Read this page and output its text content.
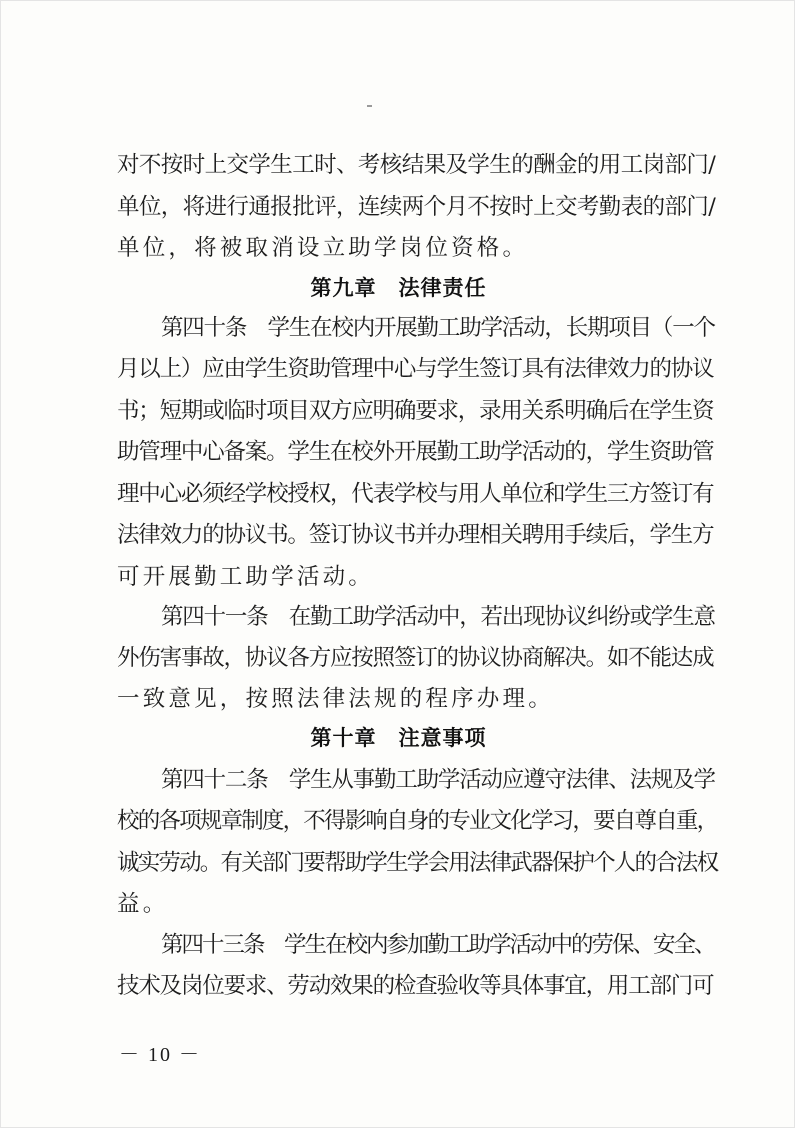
对不按时上交学生工时、考核结果及学生的酬金的用工岗部门/
单位，将进行通报批评，连续两个月不按时上交考勤表的部门/
单位，将被取消设立助学岗位资格。
第九章　法律责任
第四十条　学生在校内开展勤工助学活动，长期项目（一个
月以上）应由学生资助管理中心与学生签订具有法律效力的协议
书；短期或临时项目双方应明确要求，录用关系明确后在学生资
助管理中心备案。学生在校外开展勤工助学活动的，学生资助管
理中心必须经学校授权，代表学校与用人单位和学生三方签订有
法律效力的协议书。签订协议书并办理相关聘用手续后，学生方
可开展勤工助学活动。
第四十一条　在勤工助学活动中，若出现协议纠纷或学生意
外伤害事故，协议各方应按照签订的协议协商解决。如不能达成
一致意见，按照法律法规的程序办理。
第十章　注意事项
第四十二条　学生从事勤工助学活动应遵守法律、法规及学
校的各项规章制度，不得影响自身的专业文化学习，要自尊自重，
诚实劳动。有关部门要帮助学生学会用法律武器保护个人的合法权
益。
第四十三条　学生在校内参加勤工助学活动中的劳保、安全、
技术及岗位要求、劳动效果的检查验收等具体事宜，用工部门可
－ 10 －
